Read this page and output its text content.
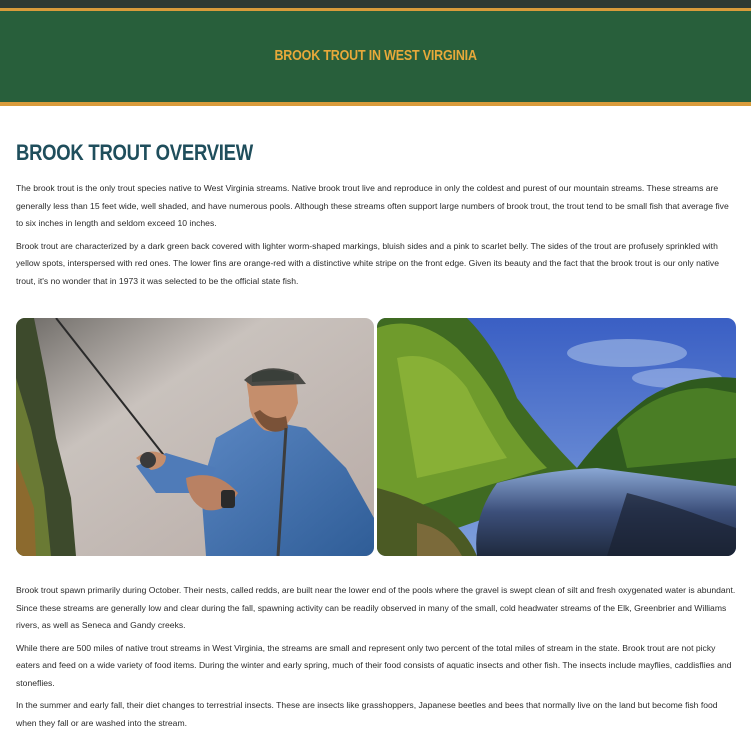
BROOK TROUT IN WEST VIRGINIA
BROOK TROUT OVERVIEW

The brook trout is the only trout species native to West Virginia streams. Native brook trout live and reproduce in only the coldest and purest of our mountain streams. These streams are generally less than 15 feet wide, well shaded, and have numerous pools. Although these streams often support large numbers of brook trout, the trout tend to be small fish that average five to six inches in length and seldom exceed 10 inches.

Brook trout are characterized by a dark green back covered with lighter worm-shaped markings, bluish sides and a pink to scarlet belly. The sides of the trout are profusely sprinkled with yellow spots, interspersed with red ones. The lower fins are orange-red with a distinctive white stripe on the front edge. Given its beauty and the fact that the brook trout is our only native trout, it's no wonder that in 1973 it was selected to be the official state fish.

Brook trout spawn primarily during October. Their nests, called redds, are built near the lower end of the pools where the gravel is swept clean of silt and fresh oxygenated water is abundant. Since these streams are generally low and clear during the fall, spawning activity can be readily observed in many of the small, cold headwater streams of the Elk, Greenbrier and Williams rivers, as well as Seneca and Gandy creeks.

While there are 500 miles of native trout streams in West Virginia, the streams are small and represent only two percent of the total miles of stream in the state. Brook trout are not picky eaters and feed on a wide variety of food items. During the winter and early spring, much of their food consists of aquatic insects and other fish. The insects include mayflies, caddisflies and stoneflies.

In the summer and early fall, their diet changes to terrestrial insects. These are insects like grasshoppers, Japanese beetles and bees that normally live on the land but become fish food when they fall or are washed into the stream.
